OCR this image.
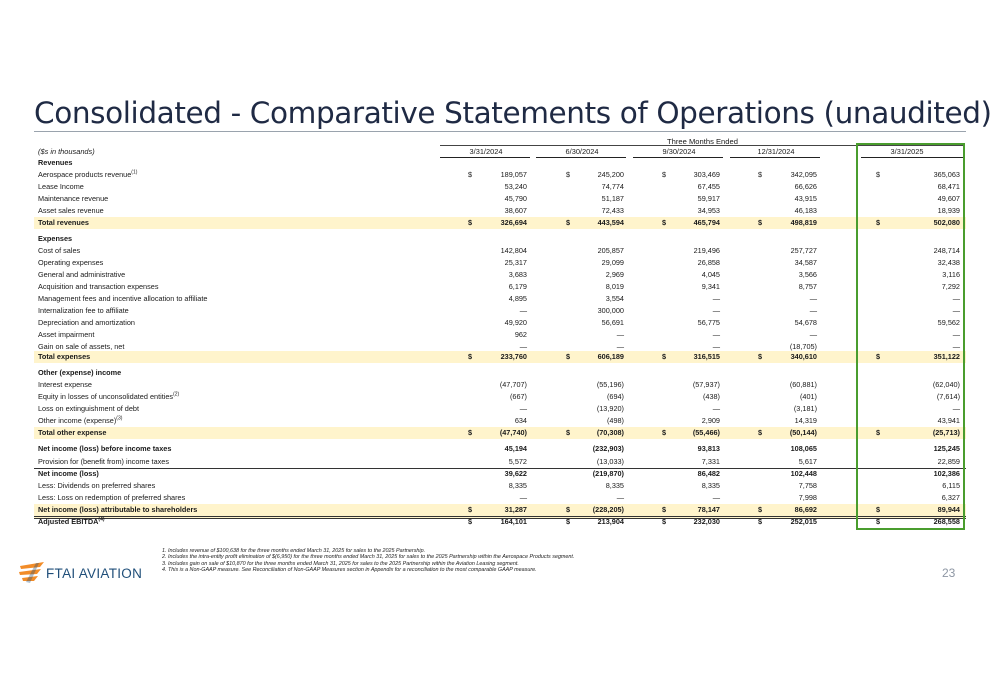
Consolidated - Comparative Statements of Operations (unaudited)
Three Months Ended
($s in thousands)	3/31/2024	6/30/2024	9/30/2024	12/31/2024	3/31/2025
Revenues
Aerospace products revenue$^{(1)}$	$	189,057	$	245,200	$	303,469	$	342,095	$	365,063
Lease Income	53,240	74,774	67,455	66,626	68,471
Maintenance revenue	45,790	51,187	59,917	43,915	49,607
Asset sales revenue	38,607	72,433	34,953	46,183	18,939
Total revenues	$	326,694	$	443,594	$	465,794	$	498,819	$	502,080
Expenses
Cost of sales	142,804	205,857	219,496	257,727	248,714
Operating expenses	25,317	29,099	26,858	34,587	32,438
General and administrative	3,683	2,969	4,045	3,566	3,116
Acquisition and transaction expenses	6,179	8,019	9,341	8,757	7,292
Management fees and incentive allocation to affiliate	4,895	3,554	—	—	—
Internalization fee to affiliate	—	300,000	—	—	—
Depreciation and amortization	49,920	56,691	56,775	54,678	59,562
Asset impairment	962	—	—	—	—
Gain on sale of assets, net	—	—	—	(18,705)	—
Total expenses	$	233,760	$	606,189	$	316,515	$	340,610	$	351,122
Other (expense) income
Interest expense	(47,707)	(55,196)	(57,937)	(60,881)	(62,040)
Equity in losses of unconsolidated entities$^{(2)}$	(667)	(694)	(438)	(401)	(7,614)
Loss on extinguishment of debt	—	(13,920)	—	(3,181)	—
Other income (expense)$^{(3)}$	634	(498)	2,909	14,319	43,941
Total other expense	$	(47,740)	$	(70,308)	$	(55,466)	$	(50,144)	$	(25,713)
Net income (loss) before income taxes	45,194	(232,903)	93,813	108,065	125,245
Provision for (benefit from) income taxes	5,572	(13,033)	7,331	5,617	22,859
Net income (loss)	39,622	(219,870)	86,482	102,448	102,386
Less: Dividends on preferred shares	8,335	8,335	8,335	7,758	6,115
Less: Loss on redemption of preferred shares	—	—	—	7,998	6,327
Net income (loss) attributable to shareholders	$	31,287	$	(228,205)	$	78,147	$	86,692	$	89,944
Adjusted EBITDA$^{(4)}$	$	164,101	$	213,904	$	232,030	$	252,015	$	268,558
1. Includes revenue of $100,638 for the three months ended March 31, 2025 for sales to the 2025 Partnership.
2. Includes the intra-entity profit elimination of $(6,950) for the three months ended March 31, 2025 for sales to the 2025 Partnership within the Aerospace Products segment.
3. Includes gain on sale of $10,870 for the three months ended March 31, 2025 for sales to the 2025 Partnership within the Aviation Leasing segment.
4. This is a Non-GAAP measure. See Reconciliation of Non-GAAP Measures section in Appendix for a reconciliation to the most comparable GAAP measure.
FTAI AVIATION	23
